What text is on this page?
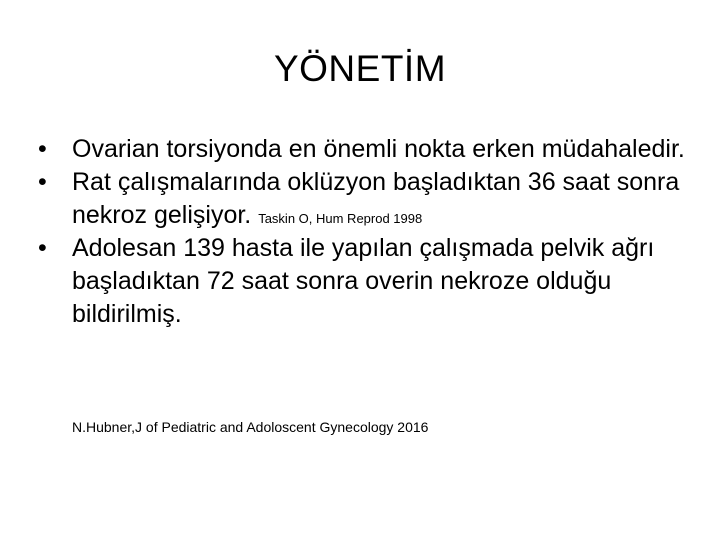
YÖNETİM
•	Ovarian torsiyonda en önemli nokta erken müdahaledir.
•	Rat çalışmalarında oklüzyon başladıktan 36 saat sonra nekroz gelişiyor. Taskin O, Hum Reprod 1998
•	Adolesan 139 hasta ile yapılan çalışmada pelvik ağrı başladıktan 72 saat sonra overin nekroze olduğu bildirilmiş.
N.Hubner,J of Pediatric and Adoloscent Gynecology 2016
